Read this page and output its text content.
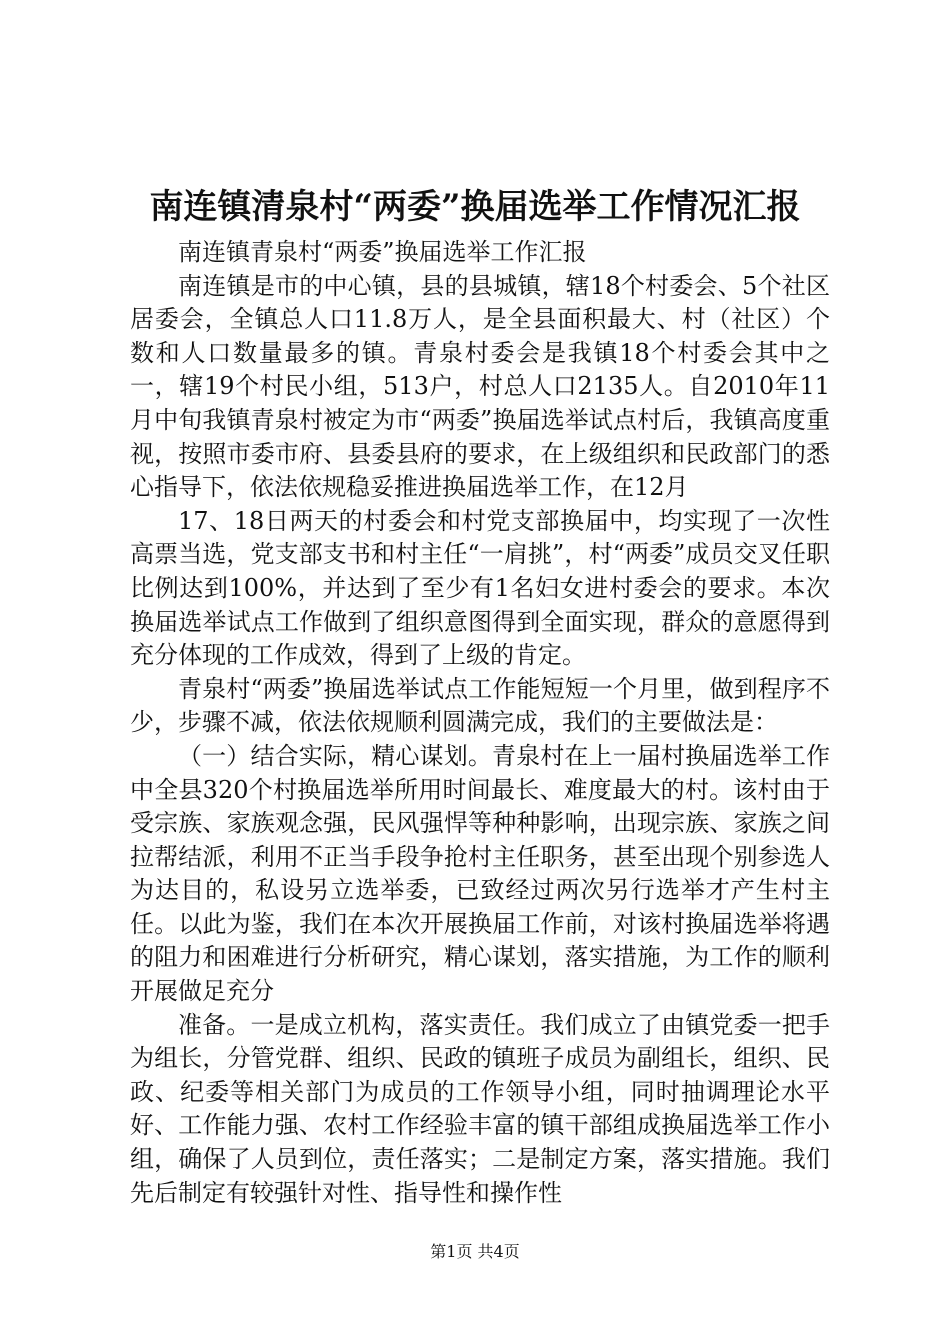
南连镇清泉村“两委”换届选举工作情况汇报

南连镇青泉村“两委”换届选举工作汇报

南连镇是市的中心镇，县的县城镇，辖18个村委会、5个社区居委会，全镇总人口11.8万人，是全县面积最大、村（社区）个数和人口数量最多的镇。青泉村委会是我镇18个村委会其中之一，辖19个村民小组，513户，村总人口2135人。自2010年11月中旬我镇青泉村被定为市“两委”换届选举试点村后，我镇高度重视，按照市委市府、县委县府的要求，在上级组织和民政部门的悉心指导下，依法依规稳妥推进换届选举工作，在12月

17、18日两天的村委会和村党支部换届中，均实现了一次性高票当选，党支部支书和村主任“一肩挑”，村“两委”成员交叉任职比例达到100%，并达到了至少有1名妇女进村委会的要求。本次换届选举试点工作做到了组织意图得到全面实现，群众的意愿得到充分体现的工作成效，得到了上级的肯定。

青泉村“两委”换届选举试点工作能短短一个月里，做到程序不少，步骤不减，依法依规顺利圆满完成，我们的主要做法是：

（一）结合实际，精心谋划。青泉村在上一届村换届选举工作中全县320个村换届选举所用时间最长、难度最大的村。该村由于受宗族、家族观念强，民风强悍等种种影响，出现宗族、家族之间拉帮结派，利用不正当手段争抢村主任职务，甚至出现个别参选人为达目的，私设另立选举委，已致经过两次另行选举才产生村主任。以此为鉴，我们在本次开展换届工作前，对该村换届选举将遇的阻力和困难进行分析研究，精心谋划，落实措施，为工作的顺利开展做足充分

准备。一是成立机构，落实责任。我们成立了由镇党委一把手为组长，分管党群、组织、民政的镇班子成员为副组长，组织、民政、纪委等相关部门为成员的工作领导小组，同时抽调理论水平好、工作能力强、农村工作经验丰富的镇干部组成换届选举工作小组，确保了人员到位，责任落实；二是制定方案，落实措施。我们先后制定有较强针对性、指导性和操作性

第1页 共4页
